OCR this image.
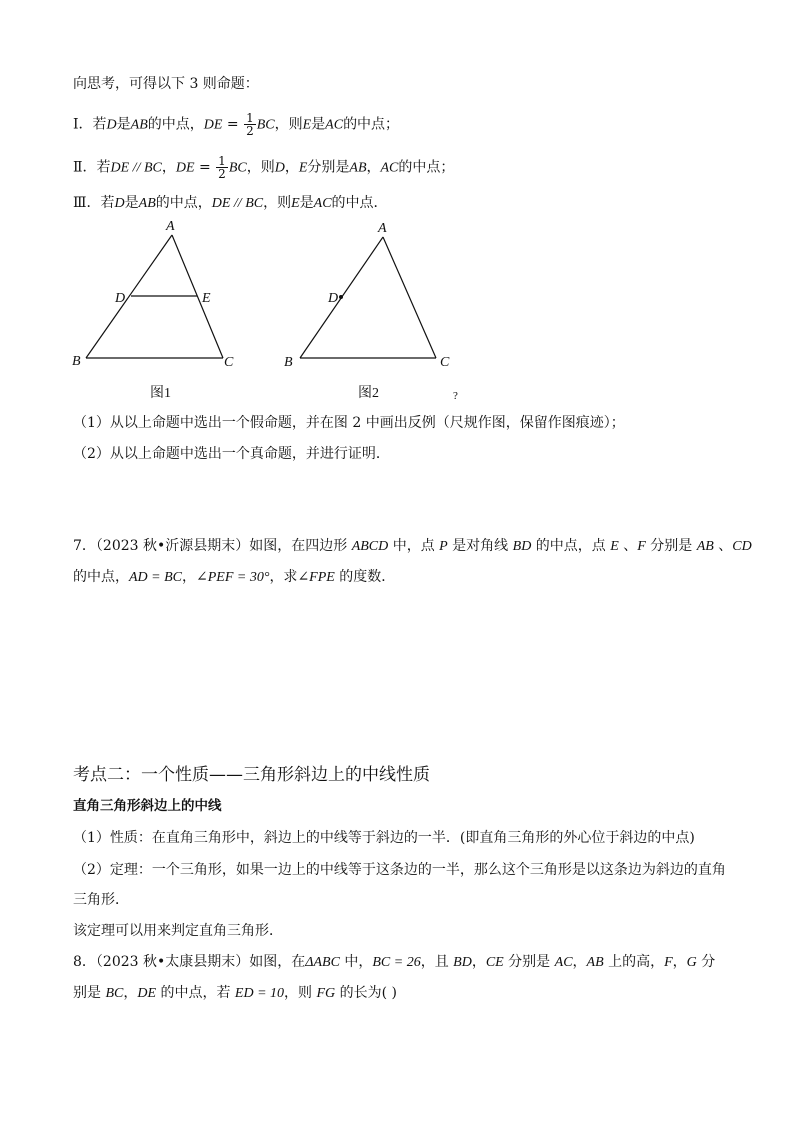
向思考，可得以下 3 则命题：
Ⅰ．若D是AB的中点，DE = $\frac{1}{2}$ BC，则E是AC的中点；
Ⅱ．若DE // BC，DE = $\frac{1}{2}$ BC，则D，E分别是AB，AC的中点；
Ⅲ．若D是AB的中点，DE // BC，则E是AC的中点．
A
B	C
D	E
图1
A
B	C
D
图2	?
（1）从以上命题中选出一个假命题，并在图 2 中画出反例（尺规作图，保留作图痕迹）；
（2）从以上命题中选出一个真命题，并进行证明．
7．（2023 秋•沂源县期末）如图，在四边形 ABCD 中，点 P 是对角线 BD 的中点，点 E 、F 分别是 AB 、CD
的中点，AD = BC，∠PEF = 30°，求∠FPE 的度数．
考点二：一个性质——三角形斜边上的中线性质
直角三角形斜边上的中线
（1）性质：在直角三角形中，斜边上的中线等于斜边的一半．(即直角三角形的外心位于斜边的中点)
（2）定理：一个三角形，如果一边上的中线等于这条边的一半，那么这个三角形是以这条边为斜边的直角
三角形．
该定理可以用来判定直角三角形．
8．（2023 秋•太康县期末）如图，在ΔABC 中，BC = 26，且 BD，CE 分别是 AC，AB 上的高，F，G 分
别是 BC，DE 的中点，若 ED = 10，则 FG 的长为( )
